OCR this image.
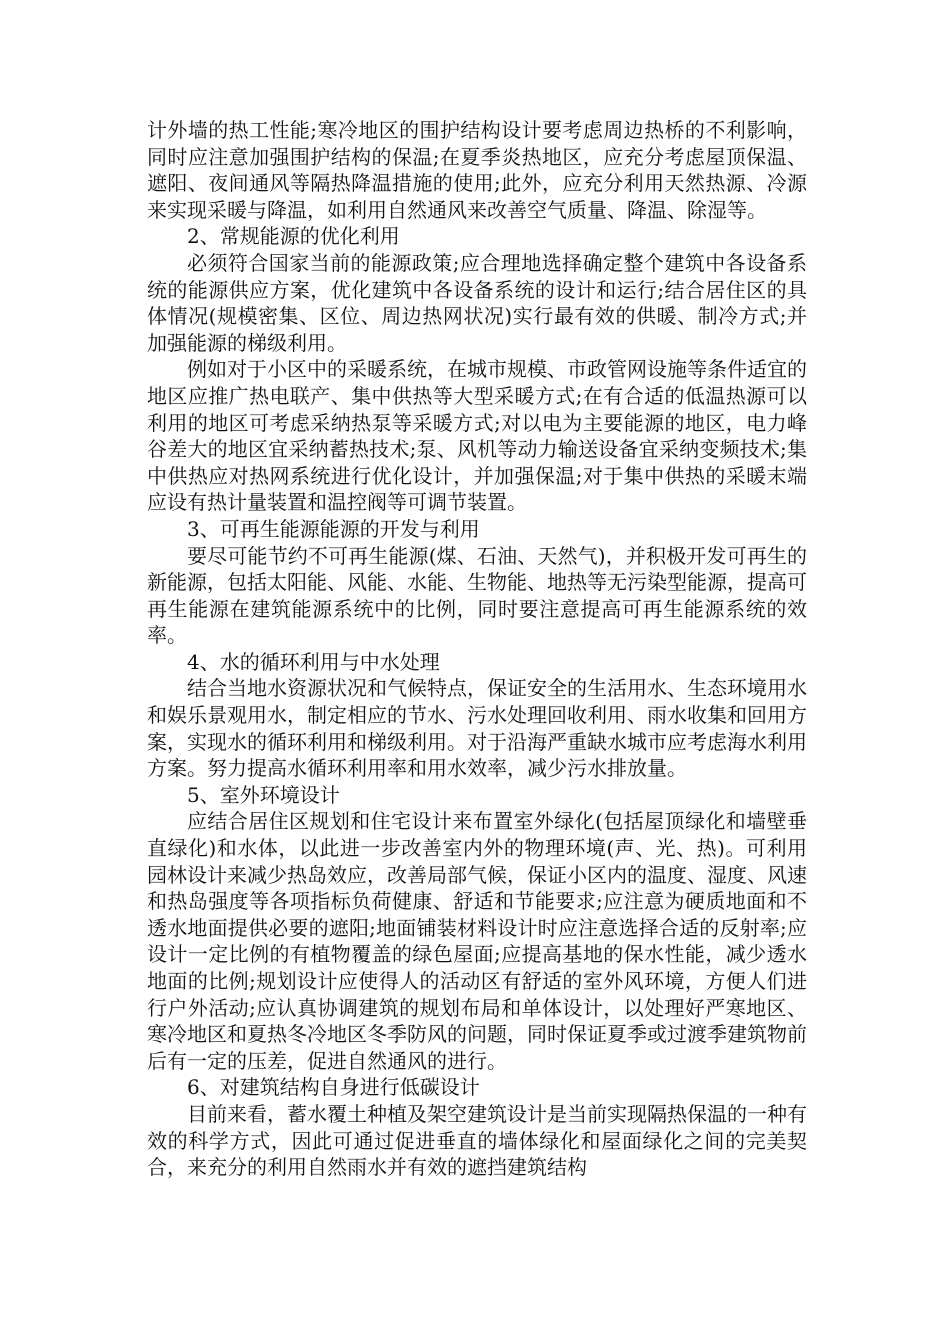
计外墙的热工性能;寒冷地区的围护结构设计要考虑周边热桥的不利影响，同时应注意加强围护结构的保温;在夏季炎热地区，应充分考虑屋顶保温、遮阳、夜间通风等隔热降温措施的使用;此外，应充分利用天然热源、冷源来实现采暖与降温，如利用自然通风来改善空气质量、降温、除湿等。

2、常规能源的优化利用

必须符合国家当前的能源政策;应合理地选择确定整个建筑中各设备系统的能源供应方案，优化建筑中各设备系统的设计和运行;结合居住区的具体情况(规模密集、区位、周边热网状况)实行最有效的供暖、制冷方式;并加强能源的梯级利用。

例如对于小区中的采暖系统，在城市规模、市政管网设施等条件适宜的地区应推广热电联产、集中供热等大型采暖方式;在有合适的低温热源可以利用的地区可考虑采纳热泵等采暖方式;对以电为主要能源的地区，电力峰谷差大的地区宜采纳蓄热技术;泵、风机等动力输送设备宜采纳变频技术;集中供热应对热网系统进行优化设计，并加强保温;对于集中供热的采暖末端应设有热计量装置和温控阀等可调节装置。

3、可再生能源能源的开发与利用

要尽可能节约不可再生能源(煤、石油、天然气)，并积极开发可再生的新能源，包括太阳能、风能、水能、生物能、地热等无污染型能源，提高可再生能源在建筑能源系统中的比例，同时要注意提高可再生能源系统的效率。

4、水的循环利用与中水处理

结合当地水资源状况和气候特点，保证安全的生活用水、生态环境用水和娱乐景观用水，制定相应的节水、污水处理回收利用、雨水收集和回用方案，实现水的循环利用和梯级利用。对于沿海严重缺水城市应考虑海水利用方案。努力提高水循环利用率和用水效率，减少污水排放量。

5、室外环境设计

应结合居住区规划和住宅设计来布置室外绿化(包括屋顶绿化和墙壁垂直绿化)和水体，以此进一步改善室内外的物理环境(声、光、热)。可利用园林设计来减少热岛效应，改善局部气候，保证小区内的温度、湿度、风速和热岛强度等各项指标负荷健康、舒适和节能要求;应注意为硬质地面和不透水地面提供必要的遮阳;地面铺装材料设计时应注意选择合适的反射率;应设计一定比例的有植物覆盖的绿色屋面;应提高基地的保水性能，减少透水地面的比例;规划设计应使得人的活动区有舒适的室外风环境，方便人们进行户外活动;应认真协调建筑的规划布局和单体设计，以处理好严寒地区、寒冷地区和夏热冬冷地区冬季防风的问题，同时保证夏季或过渡季建筑物前后有一定的压差，促进自然通风的进行。

6、对建筑结构自身进行低碳设计

目前来看，蓄水覆土种植及架空建筑设计是当前实现隔热保温的一种有效的科学方式，因此可通过促进垂直的墙体绿化和屋面绿化之间的完美契合，来充分的利用自然雨水并有效的遮挡建筑结构
